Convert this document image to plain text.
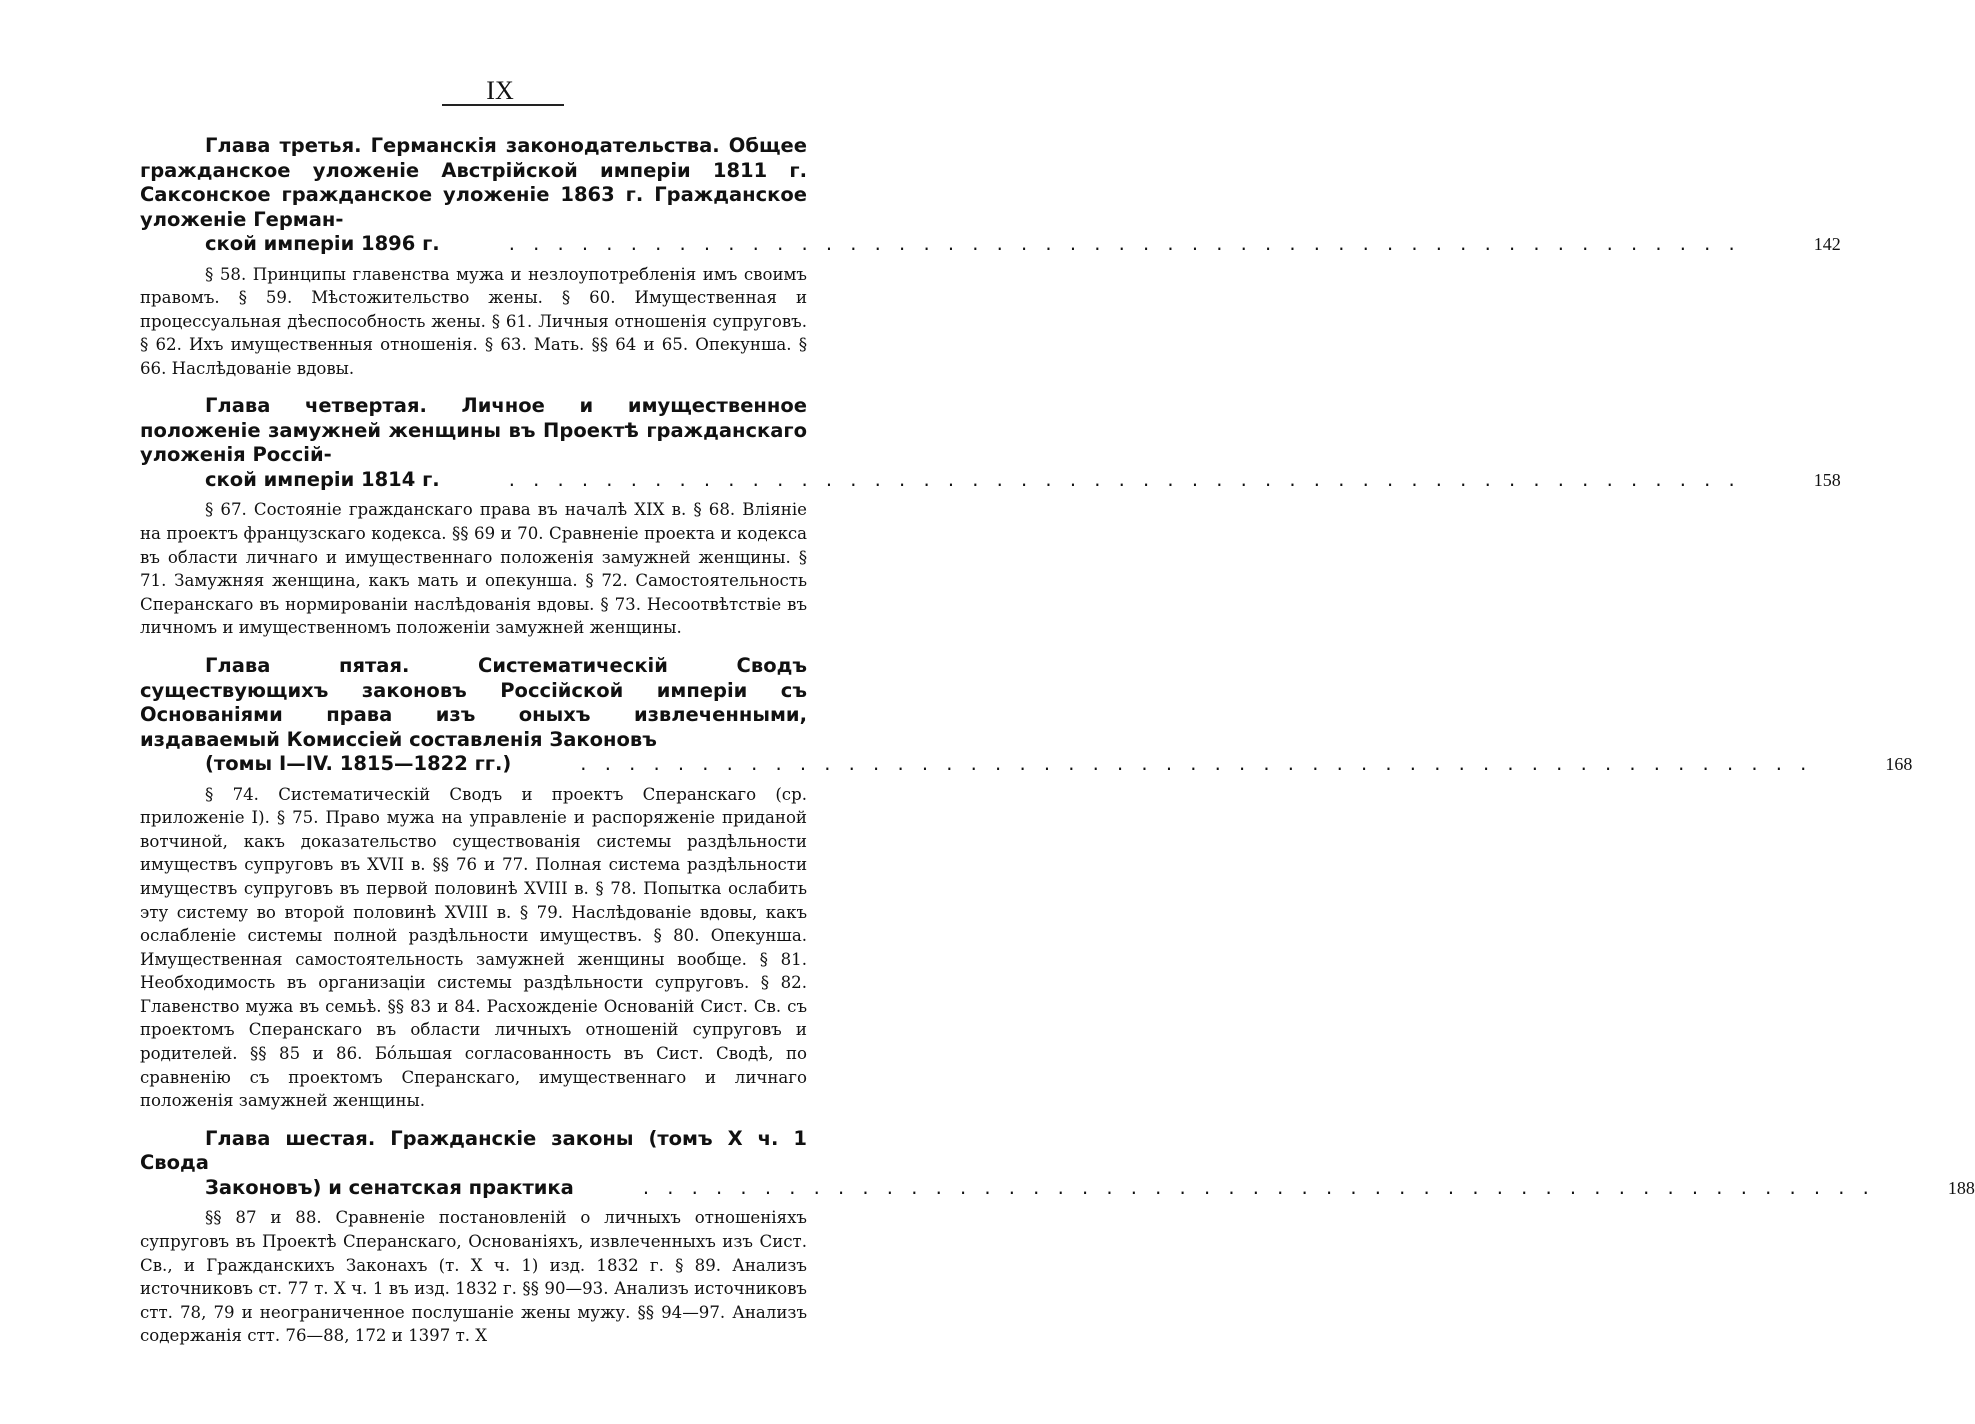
IX
Глава третья. Германскія законодательства. Общее гражданское уложеніе Австрійской имперіи 1811 г. Саксонское гражданское уложеніе 1863 г. Гражданское уложеніе Герман-
ской имперіи 1896 г.	. . . . . . . . . . . . . . . . . . . . . . . . . . . . . . . . . . . . . . . . . . . . . . . . . . .	142
§ 58. Принципы главенства мужа и незлоупотребленія имъ своимъ правомъ. § 59. Мѣстожительство жены. § 60. Имущественная и процессуальная дѣеспособность жены. § 61. Личныя отношенія супруговъ. § 62. Ихъ имущественныя отношенія. § 63. Мать. §§ 64 и 65. Опекунша. § 66. Наслѣдованіе вдовы.
Глава четвертая. Личное и имущественное положеніе замужней женщины въ Проектѣ гражданскаго уложенія Россій-
ской имперіи 1814 г.	. . . . . . . . . . . . . . . . . . . . . . . . . . . . . . . . . . . . . . . . . . . . . . . . . . .	158
§ 67. Состояніе гражданскаго права въ началѣ XIX в. § 68. Вліяніе на проектъ французскаго кодекса. §§ 69 и 70. Сравненіе проекта и кодекса въ области личнаго и имущественнаго положенія замужней женщины. § 71. Замужняя женщина, какъ мать и опекунша. § 72. Самостоятельность Сперанскаго въ нормированіи наслѣдованія вдовы. § 73. Несоотвѣтствіе въ личномъ и имущественномъ положеніи замужней женщины.
Глава пятая. Систематическій Сводъ существующихъ законовъ Россійской имперіи съ Основаніями права изъ оныхъ извлеченными, издаваемый Комиссіей составленія Законовъ
(томы I—IV. 1815—1822 гг.)	. . . . . . . . . . . . . . . . . . . . . . . . . . . . . . . . . . . . . . . . . . . . . . . . . . .	168
§ 74. Систематическій Сводъ и проектъ Сперанскаго (ср. приложеніе I). § 75. Право мужа на управленіе и распоряженіе приданой вотчиной, какъ доказательство существованія системы раздѣльности имуществъ супруговъ въ XVII в. §§ 76 и 77. Полная система раздѣльности имуществъ супруговъ въ первой половинѣ XVIII в. § 78. Попытка ослабить эту систему во второй половинѣ XVIII в. § 79. Наслѣдованіе вдовы, какъ ослабленіе системы полной раздѣльности имуществъ. § 80. Опекунша. Имущественная самостоятельность замужней женщины вообще. § 81. Необходимость въ организаціи системы раздѣльности супруговъ. § 82. Главенство мужа въ семьѣ. §§ 83 и 84. Расхожденіе Основаній Сист. Св. съ проектомъ Сперанскаго въ области личныхъ отношеній супруговъ и родителей. §§ 85 и 86. Бóльшая согласованность въ Сист. Сводѣ, по сравненію съ проектомъ Сперанскаго, имущественнаго и личнаго положенія замужней женщины.
Глава шестая. Гражданскіе законы (томъ X ч. 1 Свода
Законовъ) и сенатская практика	. . . . . . . . . . . . . . . . . . . . . . . . . . . . . . . . . . . . . . . . . . . . . . . . . . .	188
§§ 87 и 88. Сравненіе постановленій о личныхъ отношеніяхъ супруговъ въ Проектѣ Сперанскаго, Основаніяхъ, извлеченныхъ изъ Сист. Св., и Гражданскихъ Законахъ (т. X ч. 1) изд. 1832 г. § 89. Анализъ источниковъ ст. 77 т. X ч. 1 въ изд. 1832 г. §§ 90—93. Анализъ источниковъ стт. 78, 79 и неограниченное послушаніе жены мужу. §§ 94—97. Анализъ содержанія стт. 76—88, 172 и 1397 т. X
